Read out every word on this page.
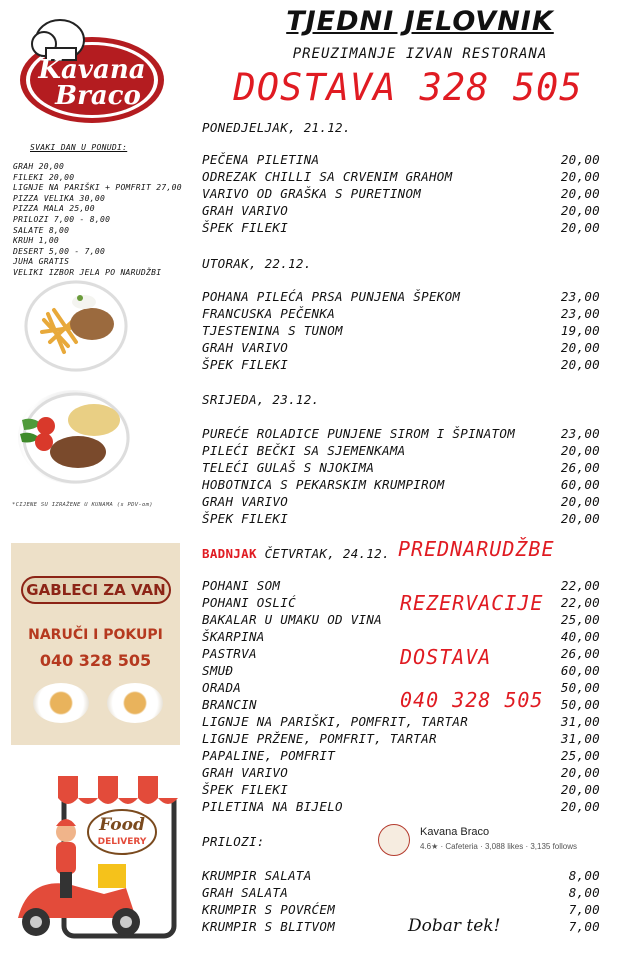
Kavana
Braco
TJEDNI JELOVNIK
PREUZIMANJE IZVAN RESTORANA
DOSTAVA 328 505
SVAKI DAN U PONUDI:
GRAH 20,00
FILEKI 20,00
LIGNJE NA PARIŠKI + POMFRIT 27,00
PIZZA VELIKA 30,00
PIZZA MALA 25,00
PRILOZI 7,00 - 8,00
SALATE 8,00
KRUH 1,00
DESERT 5,00 - 7,00
JUHA GRATIS
VELIKI IZBOR JELA PO NARUDŽBI
*CIJENE SU IZRAŽENE U KUNAMA (s PDV-om)
GABLECI ZA VAN
NARUČI I POKUPI
040 328 505
Food
DELIVERY
PONEDJELJAK, 21.12.
PEČENA PILETINA	20,00
ODREZAK CHILLI SA CRVENIM GRAHOM	20,00
VARIVO OD GRAŠKA S PURETINOM	20,00
GRAH VARIVO	20,00
ŠPEK FILEKI	20,00
UTORAK, 22.12.
POHANA PILEĆA PRSA PUNJENA ŠPEKOM	23,00
FRANCUSKA PEČENKA	23,00
TJESTENINA S TUNOM	19,00
GRAH VARIVO	20,00
ŠPEK FILEKI	20,00
SRIJEDA, 23.12.
PUREĆE ROLADICE PUNJENE SIROM I ŠPINATOM	23,00
PILEĆI BEČKI SA SJEMENKAMA	20,00
TELEĆI GULAŠ S NJOKIMA	26,00
HOBOTNICA S PEKARSKIM KRUMPIROM	60,00
GRAH VARIVO	20,00
ŠPEK FILEKI	20,00
BADNJAK ČETVRTAK, 24.12. PREDNARUDŽBE
POHANI SOM	22,00
POHANI OSLIĆ	22,00
BAKALAR U UMAKU OD VINA	25,00
ŠKARPINA	40,00
PASTRVA	26,00
SMUĐ	60,00
ORADA	50,00
BRANCIN	50,00
LIGNJE NA PARIŠKI, POMFRIT, TARTAR	31,00
LIGNJE PRŽENE, POMFRIT, TARTAR	31,00
PAPALINE, POMFRIT	25,00
GRAH VARIVO	20,00
ŠPEK FILEKI	20,00
PILETINA NA BIJELO	20,00
REZERVACIJE
DOSTAVA
040 328 505
PRILOZI:
KRUMPIR SALATA	8,00
GRAH SALATA	8,00
KRUMPIR S POVRĆEM	7,00
KRUMPIR S BLITVOM	7,00
Kavana Braco
4.6★ · Cafeteria · 3,088 likes · 3,135 follows
Dobar tek!
